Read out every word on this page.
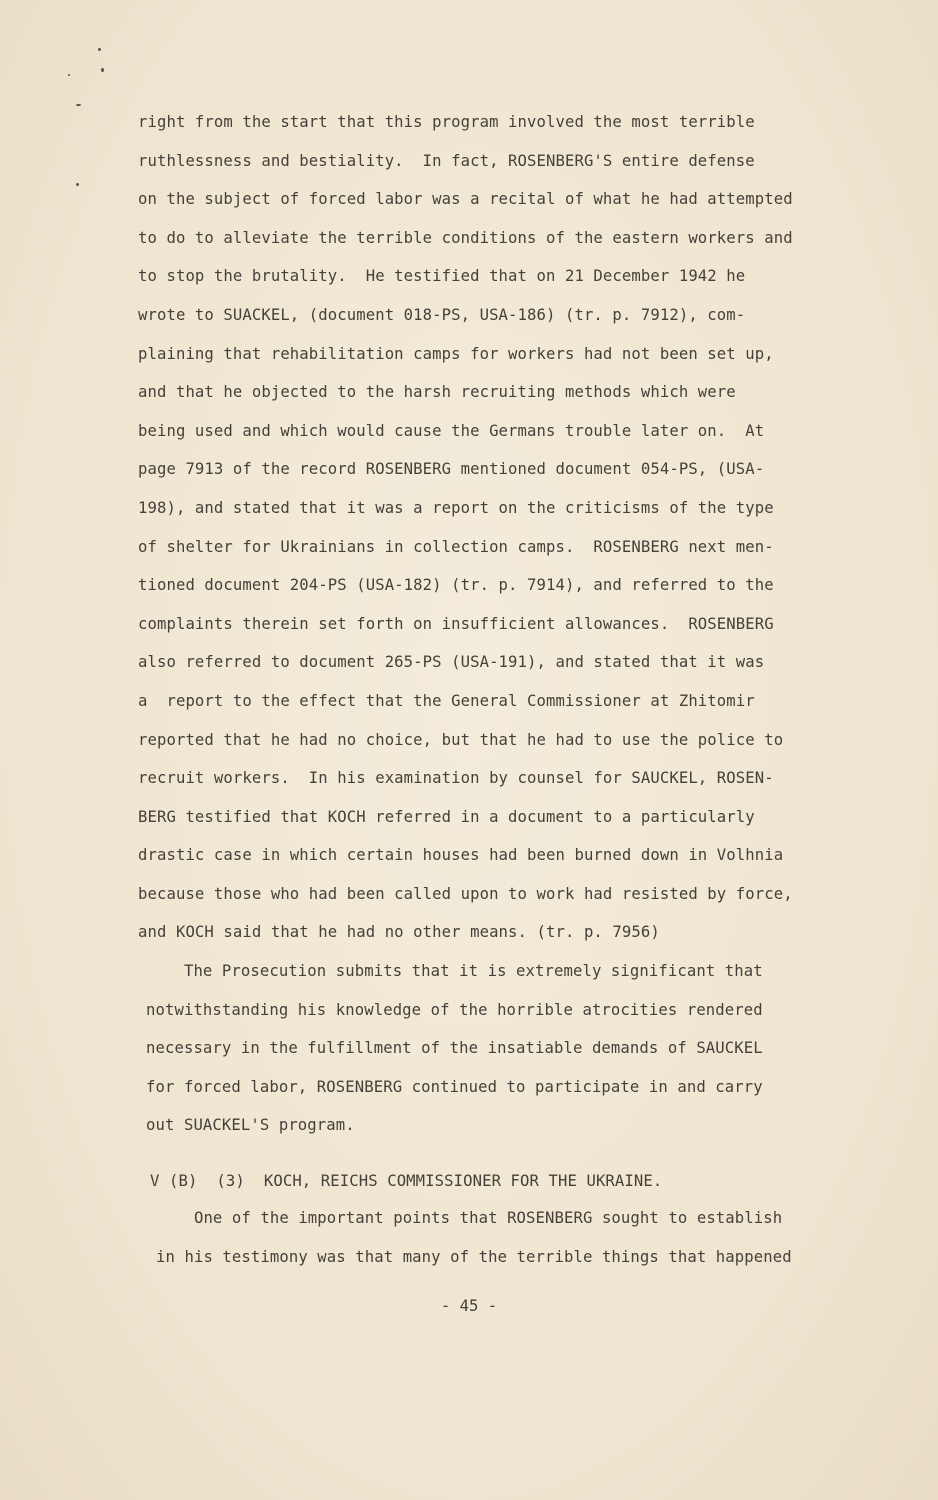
right from the start that this program involved the most terrible
ruthlessness and bestiality.  In fact, ROSENBERG'S entire defense
on the subject of forced labor was a recital of what he had attempted
to do to alleviate the terrible conditions of the eastern workers and
to stop the brutality.  He testified that on 21 December 1942 he
wrote to SUACKEL, (document 018-PS, USA-186) (tr. p. 7912), com-
plaining that rehabilitation camps for workers had not been set up,
and that he objected to the harsh recruiting methods which were
being used and which would cause the Germans trouble later on.  At
page 7913 of the record ROSENBERG mentioned document 054-PS, (USA-
198), and stated that it was a report on the criticisms of the type
of shelter for Ukrainians in collection camps.  ROSENBERG next men-
tioned document 204-PS (USA-182) (tr. p. 7914), and referred to the
complaints therein set forth on insufficient allowances.  ROSENBERG
also referred to document 265-PS (USA-191), and stated that it was
a  report to the effect that the General Commissioner at Zhitomir
reported that he had no choice, but that he had to use the police to
recruit workers.  In his examination by counsel for SAUCKEL, ROSEN-
BERG testified that KOCH referred in a document to a particularly
drastic case in which certain houses had been burned down in Volhnia
because those who had been called upon to work had resisted by force,
and KOCH said that he had no other means. (tr. p. 7956)
The Prosecution submits that it is extremely significant that
notwithstanding his knowledge of the horrible atrocities rendered
necessary in the fulfillment of the insatiable demands of SAUCKEL
for forced labor, ROSENBERG continued to participate in and carry
out SUACKEL'S program.
V (B)  (3)  KOCH, REICHS COMMISSIONER FOR THE UKRAINE.
One of the important points that ROSENBERG sought to establish
in his testimony was that many of the terrible things that happened
- 45 -
